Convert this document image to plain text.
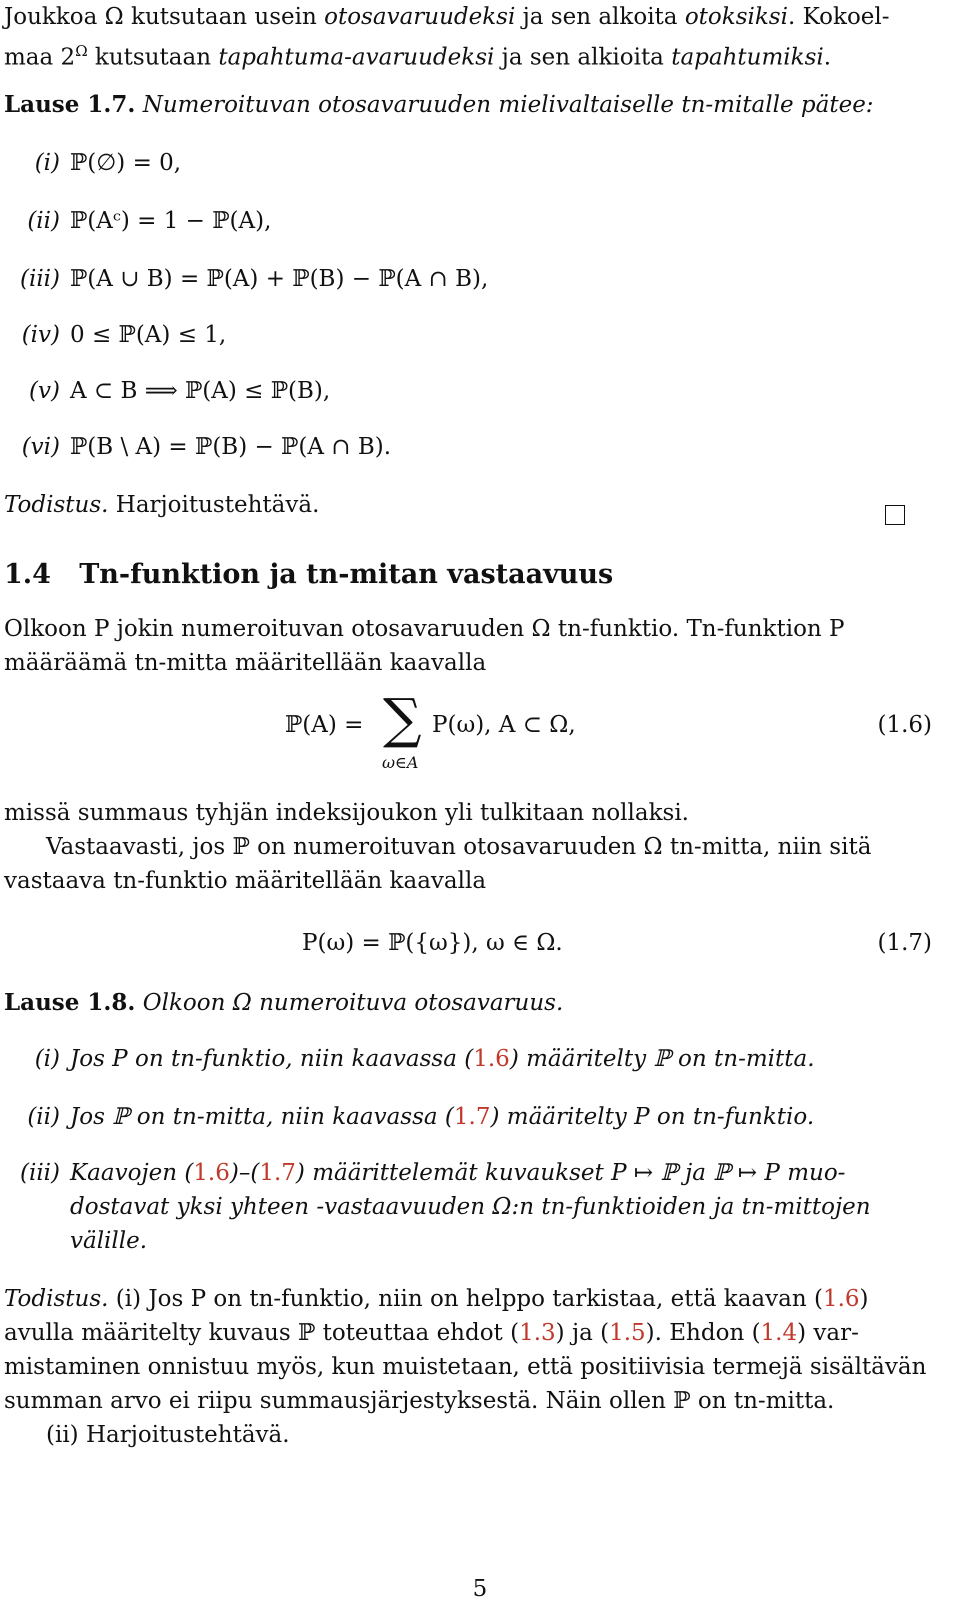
Joukkoa Ω kutsutaan usein otosavaruudeksi ja sen alkoita otoksiksi. Kokoel-
maa $2^\Omega$ kutsutaan tapahtuma-avaruudeksi ja sen alkioita tapahtumiksi.
Lause 1.7. Numeroituvan otosavaruuden mielivaltaiselle tn-mitalle pätee:
(i) ℙ(∅) = 0,
(ii) ℙ(Aᶜ) = 1 − ℙ(A),
(iii) ℙ(A ∪ B) = ℙ(A) + ℙ(B) − ℙ(A ∩ B),
(iv) 0 ≤ ℙ(A) ≤ 1,
(v) A ⊂ B ⟹ ℙ(A) ≤ ℙ(B),
(vi) ℙ(B \ A) = ℙ(B) − ℙ(A ∩ B).
Todistus. Harjoitustehtävä.
1.4 Tn-funktion ja tn-mitan vastaavuus
Olkoon P jokin numeroituvan otosavaruuden Ω tn-funktio. Tn-funktion P
määräämä tn-mitta määritellään kaavalla
ℙ(A) = ∑
ω∈A
P(ω), A ⊂ Ω,	(1.6)
missä summaus tyhjän indeksijoukon yli tulkitaan nollaksi.
Vastaavasti, jos ℙ on numeroituvan otosavaruuden Ω tn-mitta, niin sitä
vastaava tn-funktio määritellään kaavalla
P(ω) = ℙ({ω}), ω ∈ Ω.	(1.7)
Lause 1.8. Olkoon Ω numeroituva otosavaruus.
(i) Jos P on tn-funktio, niin kaavassa (1.6) määritelty ℙ on tn-mitta.
(ii) Jos ℙ on tn-mitta, niin kaavassa (1.7) määritelty P on tn-funktio.
(iii) Kaavojen (1.6)–(1.7) määrittelemät kuvaukset P ↦ ℙ ja ℙ ↦ P muo-
dostavat yksi yhteen -vastaavuuden Ω:n tn-funktioiden ja tn-mittojen
välille.
Todistus. (i) Jos P on tn-funktio, niin on helppo tarkistaa, että kaavan (1.6)
avulla määritelty kuvaus ℙ toteuttaa ehdot (1.3) ja (1.5). Ehdon (1.4) var-
mistaminen onnistuu myös, kun muistetaan, että positiivisia termejä sisältävän
summan arvo ei riipu summausjärjestyksestä. Näin ollen ℙ on tn-mitta.
(ii) Harjoitustehtävä.
5
